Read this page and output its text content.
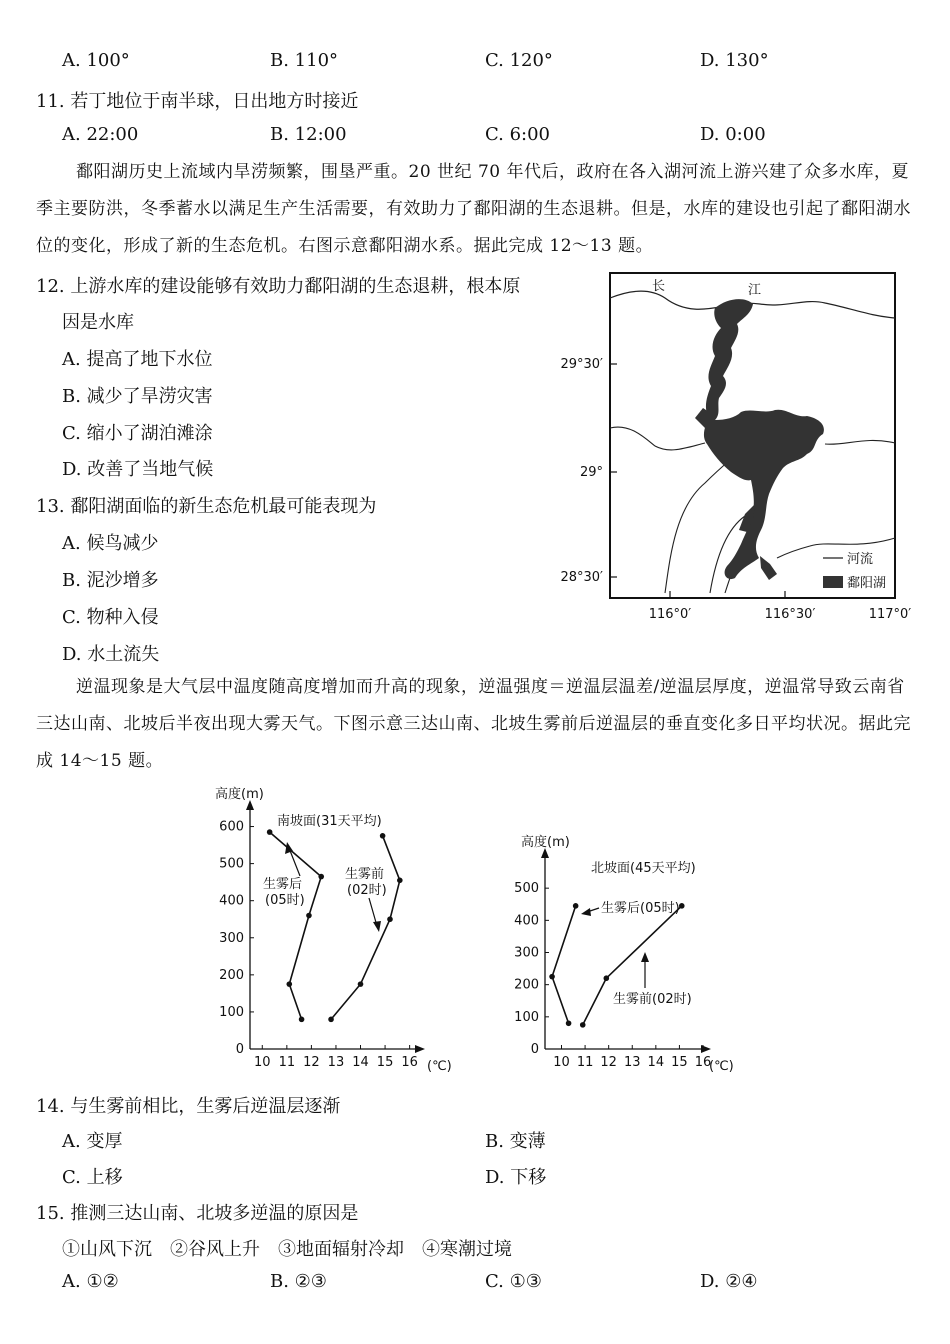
A. 100°	B. 110°	C. 120°	D. 130°
11. 若丁地位于南半球，日出地方时接近
A. 22:00	B. 12:00	C. 6:00	D. 0:00
鄱阳湖历史上流域内旱涝频繁，围垦严重。20 世纪 70 年代后，政府在各入湖河流上游兴建了众多水库，夏季主要防洪，冬季蓄水以满足生产生活需要，有效助力了鄱阳湖的生态退耕。但是，水库的建设也引起了鄱阳湖水位的变化，形成了新的生态危机。右图示意鄱阳湖水系。据此完成 12～13 题。
12. 上游水库的建设能够有效助力鄱阳湖的生态退耕，根本原
因是水库
A. 提高了地下水位
B. 减少了旱涝灾害
C. 缩小了湖泊滩涂
D. 改善了当地气候
13. 鄱阳湖面临的新生态危机最可能表现为
A. 候鸟减少
B. 泥沙增多
C. 物种入侵
D. 水土流失
长	江
29°30′
29°
28°30′
116°0′	116°30′	117°0′
河流
鄱阳湖
逆温现象是大气层中温度随高度增加而升高的现象，逆温强度＝逆温层温差/逆温层厚度，逆温常导致云南省三达山南、北坡后半夜出现大雾天气。下图示意三达山南、北坡生雾前后逆温层的垂直变化多日平均状况。据此完成 14～15 题。
高度(m)
(℃)
南坡面(31天平均)
10 11 12 13 14 15 16
0
100
200
300
400
500
600
生雾后
(05时)
生雾前
(02时)
高度(m)
(℃)
北坡面(45天平均)
10 11 12 13 14 15 16
0
100
200
300
400
500
生雾后(05时)
生雾前(02时)
14. 与生雾前相比，生雾后逆温层逐渐
A. 变厚	B. 变薄
C. 上移	D. 下移
15. 推测三达山南、北坡多逆温的原因是
①山风下沉　②谷风上升　③地面辐射冷却　④寒潮过境
A. ①②	B. ②③	C. ①③	D. ②④
